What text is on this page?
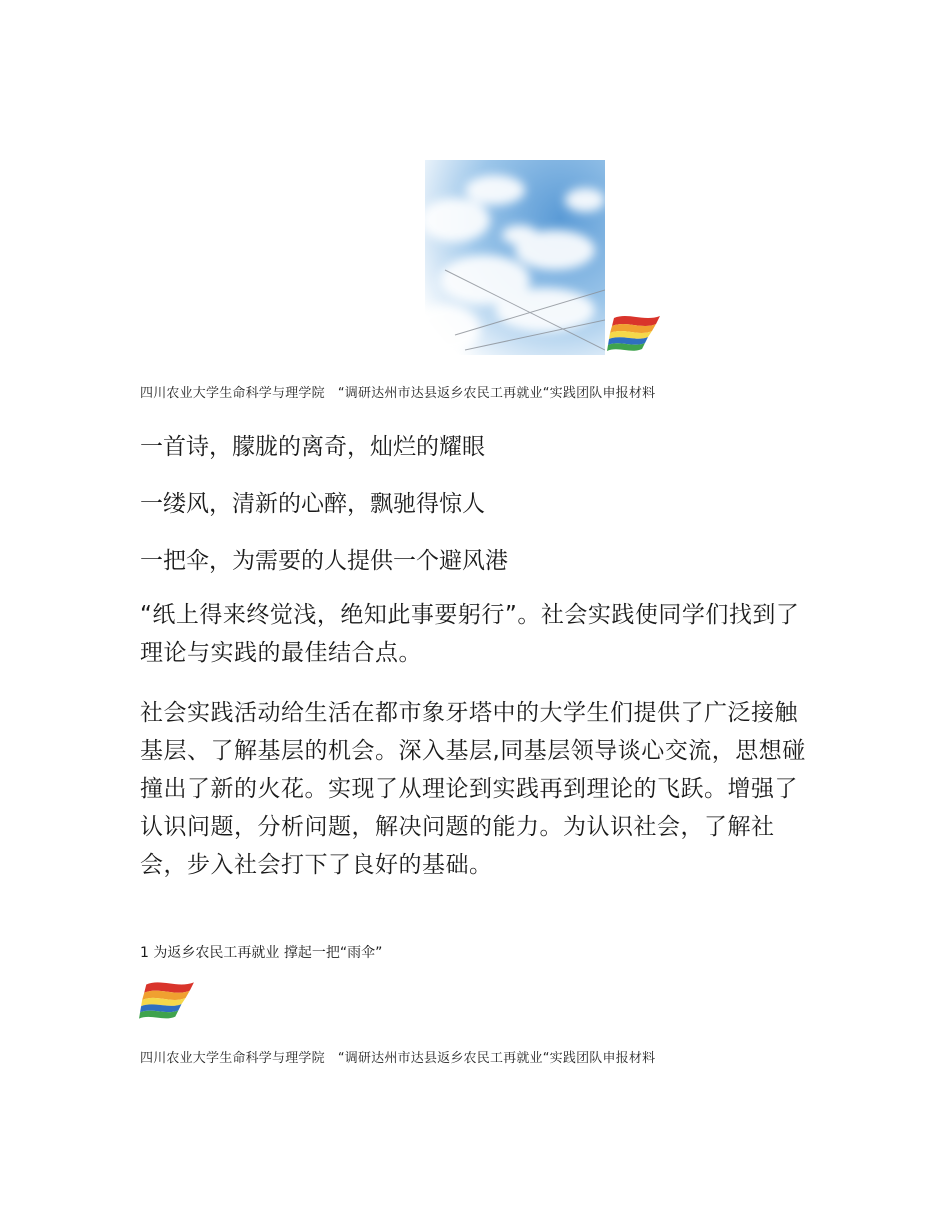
四川农业大学生命科学与理学院 “调研达州市达县返乡农民工再就业“实践团队申报材料
一首诗，朦胧的离奇，灿烂的耀眼
一缕风，清新的心醉，飘驰得惊人
一把伞，为需要的人提供一个避风港

“纸上得来终觉浅，绝知此事要躬行”。社会实践使同学们找到了理论与实践的最佳结合点。

社会实践活动给生活在都市象牙塔中的大学生们提供了广泛接触基层、了解基层的机会。深入基层,同基层领导谈心交流，思想碰撞出了新的火花。实现了从理论到实践再到理论的飞跃。增强了认识问题，分析问题，解决问题的能力。为认识社会，了解社会，步入社会打下了良好的基础。

1 为返乡农民工再就业 撑起一把“雨伞”
四川农业大学生命科学与理学院 “调研达州市达县返乡农民工再就业“实践团队申报材料
